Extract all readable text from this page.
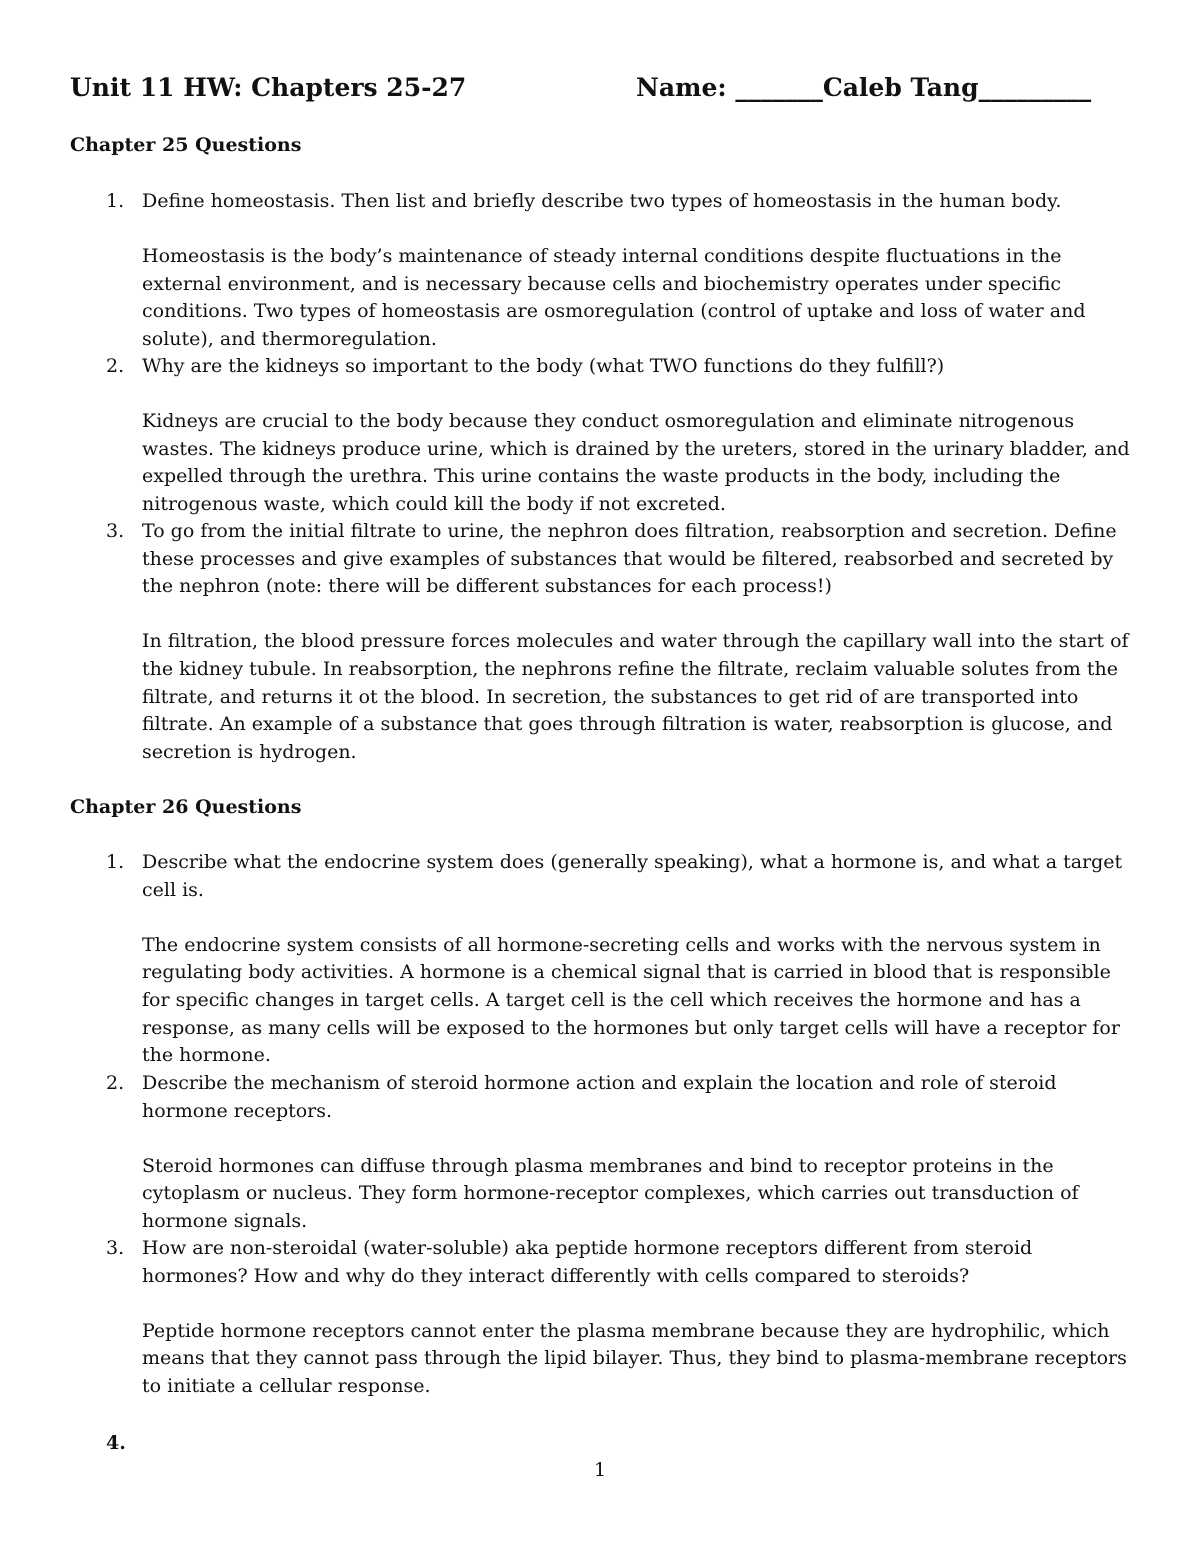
Unit 11 HW: Chapters 25-27	Name: _______Caleb Tang_________
Chapter 25 Questions
1. Define homeostasis. Then list and briefly describe two types of homeostasis in the human body.
Homeostasis is the body’s maintenance of steady internal conditions despite fluctuations in the external environment, and is necessary because cells and biochemistry operates under specific conditions. Two types of homeostasis are osmoregulation (control of uptake and loss of water and solute), and thermoregulation.
2. Why are the kidneys so important to the body (what TWO functions do they fulfill?)
Kidneys are crucial to the body because they conduct osmoregulation and eliminate nitrogenous wastes. The kidneys produce urine, which is drained by the ureters, stored in the urinary bladder, and expelled through the urethra. This urine contains the waste products in the body, including the nitrogenous waste, which could kill the body if not excreted.
3. To go from the initial filtrate to urine, the nephron does filtration, reabsorption and secretion. Define these processes and give examples of substances that would be filtered, reabsorbed and secreted by the nephron (note: there will be different substances for each process!)
In filtration, the blood pressure forces molecules and water through the capillary wall into the start of the kidney tubule. In reabsorption, the nephrons refine the filtrate, reclaim valuable solutes from the filtrate, and returns it ot the blood. In secretion, the substances to get rid of are transported into filtrate. An example of a substance that goes through filtration is water, reabsorption is glucose, and secretion is hydrogen.
Chapter 26 Questions
1. Describe what the endocrine system does (generally speaking), what a hormone is, and what a target cell is.
The endocrine system consists of all hormone-secreting cells and works with the nervous system in regulating body activities. A hormone is a chemical signal that is carried in blood that is responsible for specific changes in target cells. A target cell is the cell which receives the hormone and has a response, as many cells will be exposed to the hormones but only target cells will have a receptor for the hormone.
2. Describe the mechanism of steroid hormone action and explain the location and role of steroid hormone receptors.
Steroid hormones can diffuse through plasma membranes and bind to receptor proteins in the cytoplasm or nucleus. They form hormone-receptor complexes, which carries out transduction of hormone signals.
3. How are non-steroidal (water-soluble) aka peptide hormone receptors different from steroid hormones? How and why do they interact differently with cells compared to steroids?
Peptide hormone receptors cannot enter the plasma membrane because they are hydrophilic, which means that they cannot pass through the lipid bilayer. Thus, they bind to plasma-membrane receptors to initiate a cellular response.
4.
1
